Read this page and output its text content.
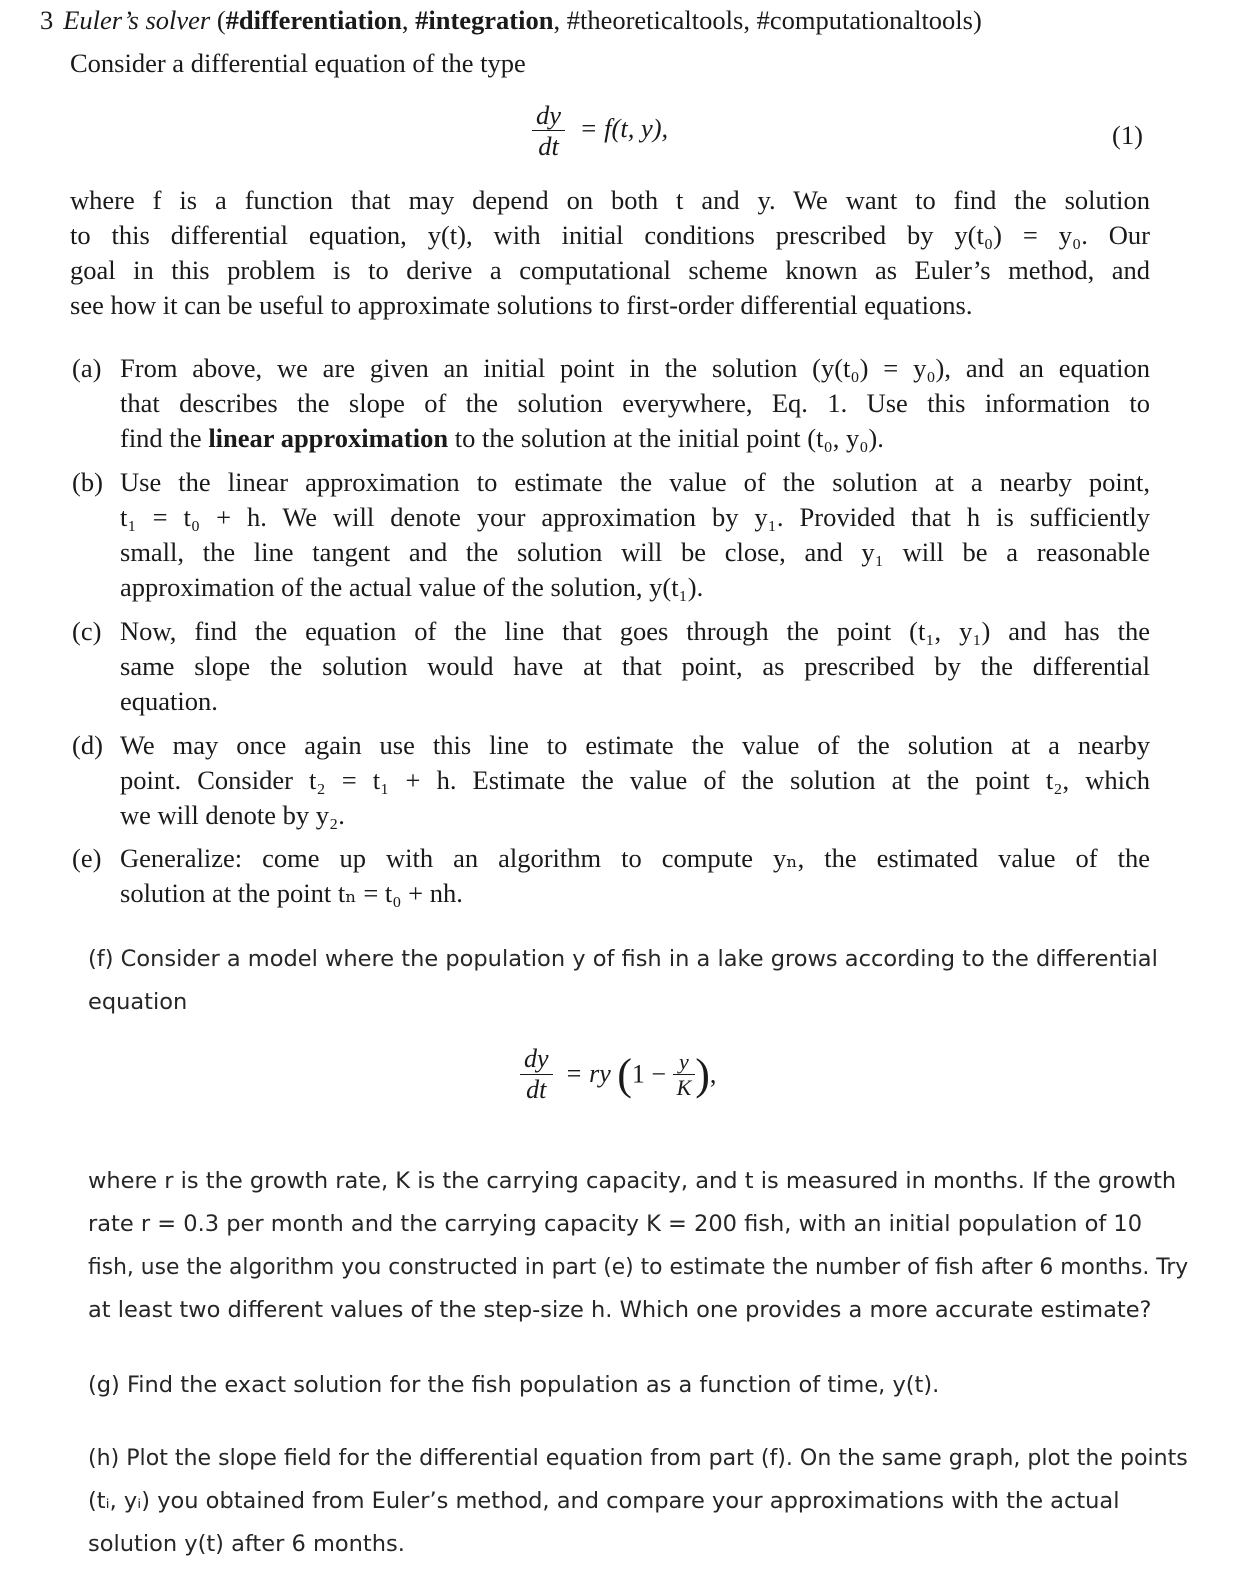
3 Euler’s solver (#differentiation, #integration, #theoreticaltools, #computationaltools)
Consider a differential equation of the type
$\frac{dy}{dt} = f(t$, y),	(1)
where f is a function that may depend on both t and y. We want to find the solution
to this differential equation, y(t), with initial conditions prescribed by y(t₀) = y₀. Our
goal in this problem is to derive a computational scheme known as Euler’s method, and
see how it can be useful to approximate solutions to first-order differential equations.
(a) From above, we are given an initial point in the solution (y(t₀) = y₀), and an equation
that describes the slope of the solution everywhere, Eq. 1. Use this information to
find the linear approximation to the solution at the initial point (t₀, y₀).
(b) Use the linear approximation to estimate the value of the solution at a nearby point,
t₁ = t₀ + h. We will denote your approximation by y₁. Provided that h is sufficiently
small, the line tangent and the solution will be close, and y₁ will be a reasonable
approximation of the actual value of the solution, y(t₁).
(c) Now, find the equation of the line that goes through the point (t₁, y₁) and has the
same slope the solution would have at that point, as prescribed by the differential
equation.
(d) We may once again use this line to estimate the value of the solution at a nearby
point. Consider t₂ = t₁ + h. Estimate the value of the solution at the point t₂, which
we will denote by y₂.
(e) Generalize: come up with an algorithm to compute yₙ, the estimated value of the
solution at the point tₙ = t₀ + nh.
(f) Consider a model where the population y of fish in a lake grows according to the differential
equation
$\frac{dy}{dt}$ = ry ($1 - \frac{y}{K}$ ),
where r is the growth rate, K is the carrying capacity, and t is measured in months. If the growth
rate r = 0.3 per month and the carrying capacity K = 200 fish, with an initial population of 10
fish, use the algorithm you constructed in part (e) to estimate the number of fish after 6 months. Try
at least two different values of the step-size h. Which one provides a more accurate estimate?
(g) Find the exact solution for the fish population as a function of time, y(t).
(h) Plot the slope field for the differential equation from part (f). On the same graph, plot the points
(tᵢ, yᵢ) you obtained from Euler’s method, and compare your approximations with the actual
solution y(t) after 6 months.
